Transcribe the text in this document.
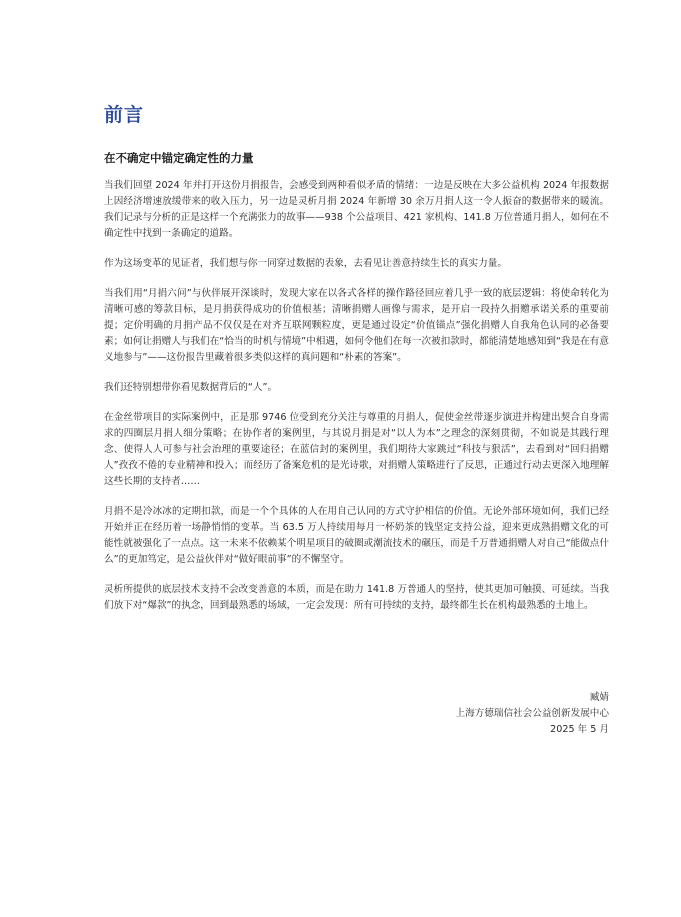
前言
在不确定中锚定确定性的力量

当我们回望 2024 年并打开这份月捐报告，会感受到两种看似矛盾的情绪：一边是反映在大多公益机构 2024 年报数据上因经济增速放缓带来的收入压力，另一边是灵析月捐 2024 年新增 30 余万月捐人这一令人振奋的数据带来的暖流。我们记录与分析的正是这样一个充满张力的故事——938 个公益项目、421 家机构、141.8 万位普通月捐人，如何在不确定性中找到一条确定的道路。

作为这场变革的见证者，我们想与你一同穿过数据的表象，去看见让善意持续生长的真实力量。

当我们用“月捐六问”与伙伴展开深谈时，发现大家在以各式各样的操作路径回应着几乎一致的底层逻辑：将使命转化为清晰可感的筹款目标，是月捐获得成功的价值根基；清晰捐赠人画像与需求，是开启一段持久捐赠承诺关系的重要前提；定价明确的月捐产品不仅仅是在对齐互联网颗粒度，更是通过设定“价值锚点”强化捐赠人自我角色认同的必备要素；如何让捐赠人与我们在“恰当的时机与情境”中相遇，如何令他们在每一次被扣款时，都能清楚地感知到“我是在有意义地参与”——这份报告里藏着很多类似这样的真问题和“朴素的答案”。

我们还特别想带你看见数据背后的“人”。

在金丝带项目的实际案例中，正是那 9746 位受到充分关注与尊重的月捐人，促使金丝带逐步演进并构建出契合自身需求的四圈层月捐人细分策略；在协作者的案例里，与其说月捐是对“以人为本”之理念的深刻贯彻，不如说是其践行理念、使得人人可参与社会治理的重要途径；在蓝信封的案例里，我们期待大家跳过“科技与狠活”，去看到对“回归捐赠人”孜孜不倦的专业精神和投入；而经历了备案危机的是光诗歌，对捐赠人策略进行了反思，正通过行动去更深入地理解这些长期的支持者……

月捐不是冷冰冰的定期扣款，而是一个个具体的人在用自己认同的方式守护相信的价值。无论外部环境如何，我们已经开始并正在经历着一场静悄悄的变革。当 63.5 万人持续用每月一杯奶茶的钱坚定支持公益，迎来更成熟捐赠文化的可能性就被强化了一点点。这一未来不依赖某个明星项目的破圈或潮流技术的碾压，而是千万普通捐赠人对自己“能做点什么”的更加笃定，是公益伙伴对“做好眼前事”的不懈坚守。

灵析所提供的底层技术支持不会改变善意的本质，而是在助力 141.8 万普通人的坚持，使其更加可触摸、可延续。当我们放下对“爆款”的执念，回到最熟悉的场域，一定会发现：所有可持续的支持，最终都生长在机构最熟悉的土地上。

臧婧

上海方德瑞信社会公益创新发展中心

2025 年 5 月
